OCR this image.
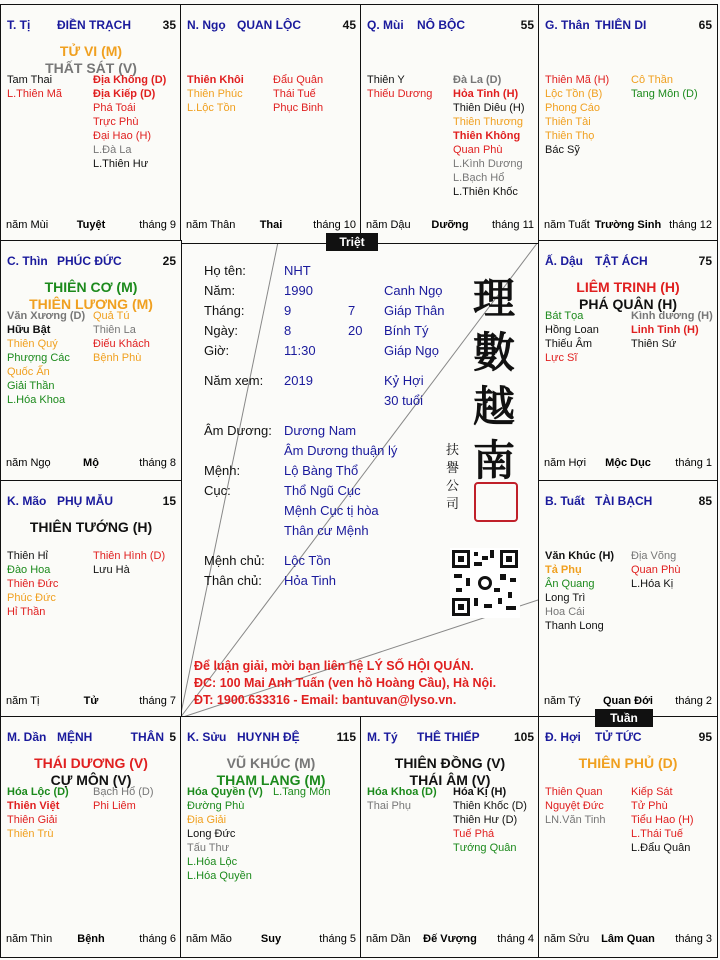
T. Tị ĐIỀN TRẠCH	35
TỬ VI (M)
THẤT SÁT (V)
Tam Thai
L.Thiên Mã
Địa Không (D)
Địa Kiếp (D)
Phá Toái
Trực Phù
Đại Hao (H)
L.Đà La
L.Thiên Hư
năm Mùi	Tuyệt	tháng 9
N. Ngọ QUAN LỘC	45
Thiên Khôi
Thiên Phúc
L.Lộc Tồn
Đẩu Quân
Thái Tuế
Phục Binh
năm Thân	Thai	tháng 10
Q. Mùi NÔ BỘC	55
Thiên Y
Thiếu Dương
Đà La (D)
Hỏa Tinh (H)
Thiên Diêu (H)
Thiên Thương
Thiên Không
Quan Phù
L.Kình Dương
L.Bạch Hổ
L.Thiên Khốc
năm Dậu	Dưỡng	tháng 11
G. Thân THIÊN DI	65
Thiên Mã (H)
Lộc Tồn (B)
Phong Cáo
Thiên Tài
Thiên Thọ
Bác Sỹ
Cô Thần
Tang Môn (D)
năm Tuất Trường Sinh tháng 12
C. Thìn PHÚC ĐỨC	25
THIÊN CƠ (M)
THIÊN LƯƠNG (M)
Văn Xương (D)
Hữu Bật
Thiên Quý
Phượng Các
Quốc Ấn
Giải Thần
L.Hóa Khoa
Quả Tú
Thiên La
Điếu Khách
Bệnh Phù
năm Ngọ	Mộ	tháng 8
Ấ. Dậu TẬT ÁCH	75
LIÊM TRINH (H)
PHÁ QUÂN (H)
Bát Tọa
Hồng Loan
Thiếu Âm
Lực Sĩ
Kình dương (H)
Linh Tinh (H)
Thiên Sứ
năm Hợi	Mộc Dục	tháng 1
K. Mão PHỤ MẪU	15
THIÊN TƯỚNG (H)
Thiên Hỉ
Đào Hoa
Thiên Đức
Phúc Đức
Hỉ Thần
Thiên Hình (D)
Lưu Hà
năm Tị	Tử	tháng 7
B. Tuất TÀI BẠCH	85
Văn Khúc (H)
Tả Phụ
Ân Quang
Long Trì
Hoa Cái
Thanh Long
Địa Võng
Quan Phù
L.Hóa Kị
năm Tý	Quan Đới	tháng 2
M. Dần MỆNH	THÂN 5
THÁI DƯƠNG (V)
CỰ MÔN (V)
Hóa Lộc (D)
Thiên Việt
Thiên Giải
Thiên Trù
Bạch Hổ (D)
Phi Liêm
năm Thìn	Bệnh	tháng 6
K. Sửu HUYNH ĐỆ	115
VŨ KHÚC (M)
THAM LANG (M)
Hóa Quyền (V)
Đường Phù
Địa Giải
Long Đức
Tấu Thư
L.Hóa Lộc
L.Hóa Quyền
L.Tang Môn
năm Mão	Suy	tháng 5
M. Tý THÊ THIẾP	105
THIÊN ĐỒNG (V)
THÁI ÂM (V)
Hóa Khoa (D)
Thai Phụ
Hóa Kị (H)
Thiên Khốc (D)
Thiên Hư (D)
Tuế Phá
Tướng Quân
năm Dần	Đế Vượng	tháng 4
Đ. Hợi TỬ TỨC	95
THIÊN PHỦ (D)
Thiên Quan
Nguyệt Đức
LN.Văn Tinh
Kiếp Sát
Tử Phù
Tiểu Hao (H)
L.Thái Tuế
L.Đẩu Quân
năm Sửu	Lâm Quan	tháng 3
Triệt
Tuần
Họ tên:	NHT
Năm:	1990	Canh Ngọ
Tháng:	9	7 Giáp Thân
Ngày:	8	20 Bính Tý
Giờ:	11:30	Giáp Ngọ
Năm xem: 2019	Kỷ Hợi
30 tuổi
Âm Dương: Dương Nam
Âm Dương thuận lý
Mệnh:	Lộ Bàng Thổ
Cục:	Thổ Ngũ Cục
Mệnh Cục tị hòa
Thân cư Mệnh
Mệnh chủ: Lộc Tồn
Thân chủ: Hỏa Tinh
理
數
越
南
扶 譽 公 司
Để luận giải, mời bạn liên hệ LÝ SỐ HỘI QUÁN.
ĐC: 100 Mai Anh Tuấn (ven hồ Hoàng Cầu), Hà Nội.
ĐT: 1900.633316 - Email: bantuvan@lyso.vn.
